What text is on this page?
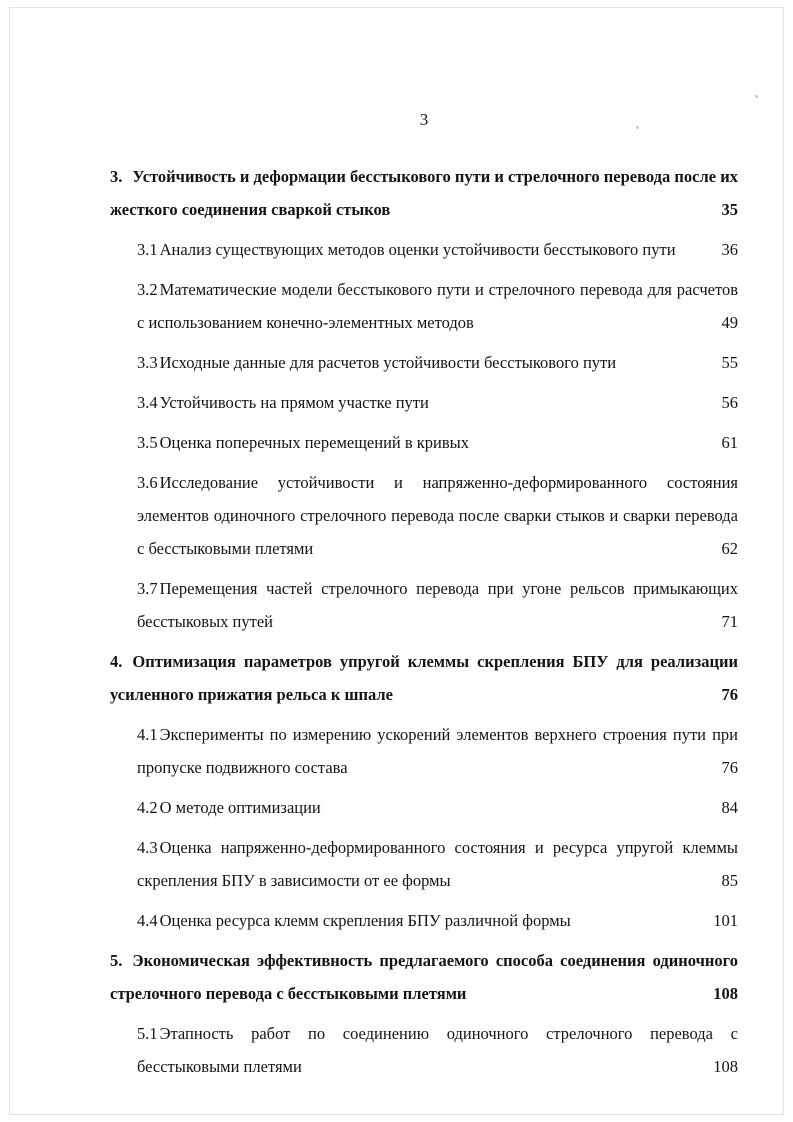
3
3. Устойчивость и деформации бесстыкового пути и стрелочного перевода после их жесткого соединения сваркой стыков	35
3.1 Анализ существующих методов оценки устойчивости бесстыкового пути	36
3.2 Математические модели бесстыкового пути и стрелочного перевода для расчетов с использованием конечно-элементных методов	49
3.3 Исходные данные для расчетов устойчивости бесстыкового пути	55
3.4 Устойчивость на прямом участке пути	56
3.5 Оценка поперечных перемещений в кривых	61
3.6 Исследование устойчивости и напряженно-деформированного состояния элементов одиночного стрелочного перевода после сварки стыков и сварки перевода с бесстыковыми плетями	62
3.7 Перемещения частей стрелочного перевода при угоне рельсов примыкающих бесстыковых путей	71
4. Оптимизация параметров упругой клеммы скрепления БПУ для реализации усиленного прижатия рельса к шпале	76
4.1 Эксперименты по измерению ускорений элементов верхнего строения пути при пропуске подвижного состава	76
4.2 О методе оптимизации	84
4.3 Оценка напряженно-деформированного состояния и ресурса упругой клеммы скрепления БПУ в зависимости от ее формы	85
4.4 Оценка ресурса клемм скрепления БПУ различной формы	101
5. Экономическая эффективность предлагаемого способа соединения одиночного стрелочного перевода с бесстыковыми плетями	108
5.1 Этапность работ по соединению одиночного стрелочного перевода с бесстыковыми плетями	108
